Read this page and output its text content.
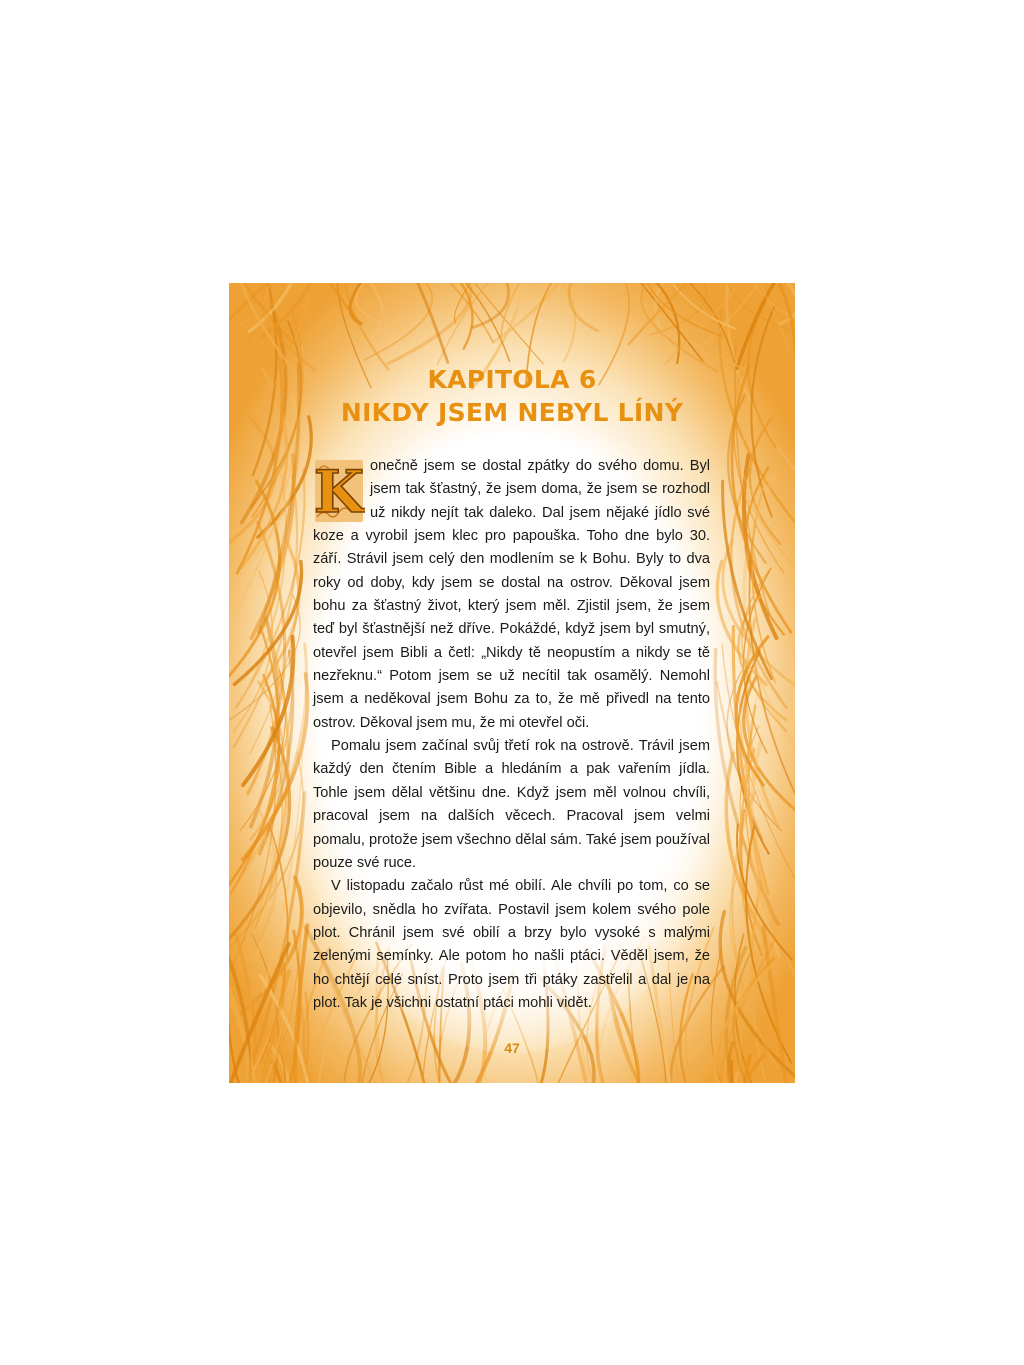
KAPITOLA 6
NIKDY JSEM NEBYL LÍNÝ

K onečně jsem se dostal zpátky do svého domu. Byl jsem tak šťastný, že jsem doma, že jsem se rozhodl už nikdy nejít tak daleko. Dal jsem nějaké jídlo své koze a vyrobil jsem klec pro papouška. Toho dne bylo 30. září. Strávil jsem celý den modlením se k Bohu. Byly to dva roky od doby, kdy jsem se dostal na ostrov. Děkoval jsem bohu za šťastný život, který jsem měl. Zjistil jsem, že jsem teď byl šťastnější než dříve. Pokáždé, když jsem byl smutný, otevřel jsem Bibli a četl: „Nikdy tě neopustím a nikdy se tě nezřeknu.“ Potom jsem se už necítil tak osamělý. Nemohl jsem a neděkoval jsem Bohu za to, že mě přivedl na tento ostrov. Děkoval jsem mu, že mi otevřel oči.

Pomalu jsem začínal svůj třetí rok na ostrově. Trávil jsem každý den čtením Bible a hledáním a pak vařením jídla. Tohle jsem dělal většinu dne. Když jsem měl volnou chvíli, pracoval jsem na dalších věcech. Pracoval jsem velmi pomalu, protože jsem všechno dělal sám. Také jsem používal pouze své ruce.

V listopadu začalo růst mé obilí. Ale chvíli po tom, co se objevilo, snědla ho zvířata. Postavil jsem kolem svého pole plot. Chránil jsem své obilí a brzy bylo vysoké s malými zelenými semínky. Ale potom ho našli ptáci. Věděl jsem, že ho chtějí celé sníst. Proto jsem tři ptáky zastřelil a dal je na plot. Tak je všichni ostatní ptáci mohli vidět.

47
